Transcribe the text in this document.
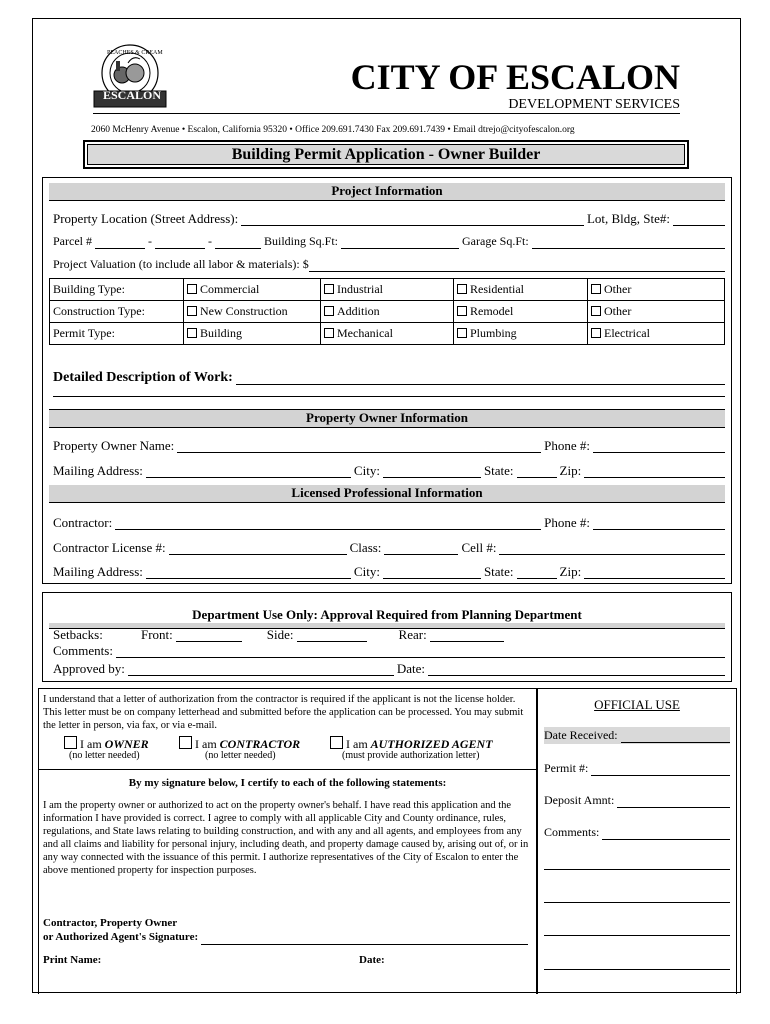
PEACHES & CREAM
ESCALON	CITY OF ESCALON
DEVELOPMENT SERVICES
2060 McHenry Avenue • Escalon, California 95320 • Office 209.691.7430 Fax 209.691.7439 • Email dtrejo@cityofescalon.org
Building Permit Application - Owner Builder
Project Information
Property Location (Street Address):	Lot, Bldg, Ste#:
Parcel #	-	-	Building Sq.Ft:	Garage Sq.Ft:
Project Valuation (to include all labor & materials): $
Building Type:	Commercial	Industrial	Residential	Other
Construction Type:	New Construction	Addition	Remodel	Other
Permit Type:	Building	Mechanical	Plumbing	Electrical
Detailed Description of Work:
Property Owner Information
Property Owner Name:	Phone #:
Mailing Address:	City:	State:	Zip:
Licensed Professional Information
Contractor:	Phone #:
Contractor License #:	Class:	Cell #:
Mailing Address:	City:	State:	Zip:
Department Use Only: Approval Required from Planning Department
Setbacks:	Front:	Side:	Rear:
Comments:
Approved by:	Date:
I understand that a letter of authorization from the contractor is required if the applicant is not the license holder. This letter must be on company letterhead and submitted before the application can be processed. You may submit the letter in person, via fax, or via e-mail.
I am OWNER
(no letter needed)
I am CONTRACTOR
(no letter needed)
I am AUTHORIZED AGENT
(must provide authorization letter)
By my signature below, I certify to each of the following statements:
I am the property owner or authorized to act on the property owner's behalf. I have read this application and the information I have provided is correct. I agree to comply with all applicable City and County ordinance, rules, regulations, and State laws relating to building construction, and with any and all agents, and employees from any and all claims and liability for personal injury, including death, and property damage caused by, arising out of, or in any way connected with the issuance of this permit. I authorize representatives of the City of Escalon to enter the above mentioned property for inspection purposes.
Contractor, Property Owner
or Authorized Agent's Signature:
Print Name:	Date:
OFFICIAL USE
Date Received:
Permit #:
Deposit Amnt:
Comments:
